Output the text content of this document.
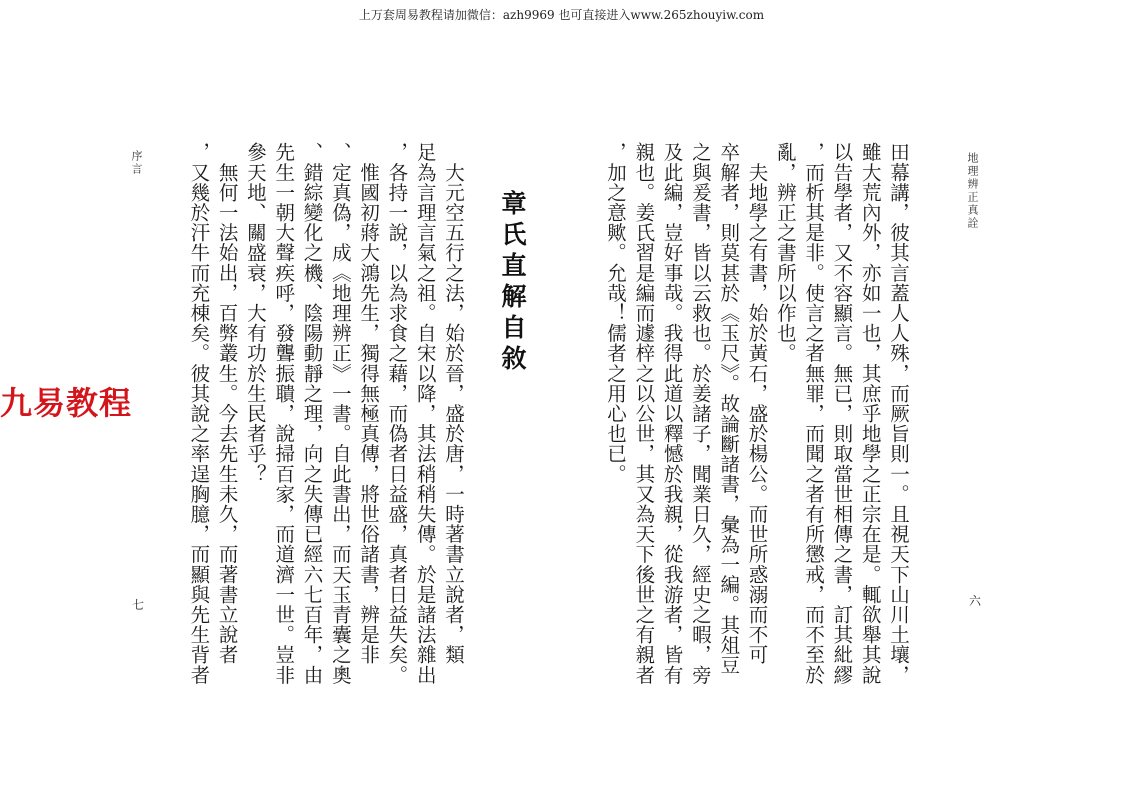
上万套周易教程请加微信：azh9969 也可直接进入www.265zhouyiw.com
地理辨正真詮
六
田幕講，彼其言蓋人人殊，而厥旨則一。且視天下山川土壤，
雖大荒內外，亦如一也，其庶乎地學之正宗在是。輒欲舉其說
以告學者，又不容顯言。無已，則取當世相傳之書，訂其紕繆
，而析其是非。使言之者無罪，而聞之者有所懲戒，而不至於
亂，辨正之書所以作也。
　夫地學之有書，始於黃石，盛於楊公。而世所惑溺而不可
卒解者，則莫甚於《玉尺》。故論斷諸書，彙為一編。其俎豆
之與爰書，皆以云救也。於姜諸子，聞業日久，經史之暇，旁
及此編，豈好事哉。我得此道以釋憾於我親，從我游者，皆有
親也。姜氏習是編而遽梓之以公世，其又為天下後世之有親者
，加之意歟。允哉！儒者之用心也已。
章氏直解自敘
　大元空五行之法，始於晉，盛於唐，一時著書立說者，類
足為言理言氣之祖。自宋以降，其法稍稍失傳。於是諸法雜出
，各持一說，以為求食之藉，而偽者日益盛，真者日益失矣。
　惟國初蔣大鴻先生，獨得無極真傳，將世俗諸書，辨是非
、定真偽，成《地理辨正》一書。自此書出，而天玉青囊之奧
、錯綜變化之機、陰陽動靜之理，向之失傳已經六七百年，由
先生一朝大聲疾呼，發聾振聵，說掃百家，而道濟一世。豈非
參天地、關盛衰，大有功於生民者乎？
　無何一法始出，百弊叢生。今去先生未久，而著書立說者
，又幾於汗牛而充棟矣。彼其說之率逞胸臆，而顯與先生背者
序言
七
九易教程
